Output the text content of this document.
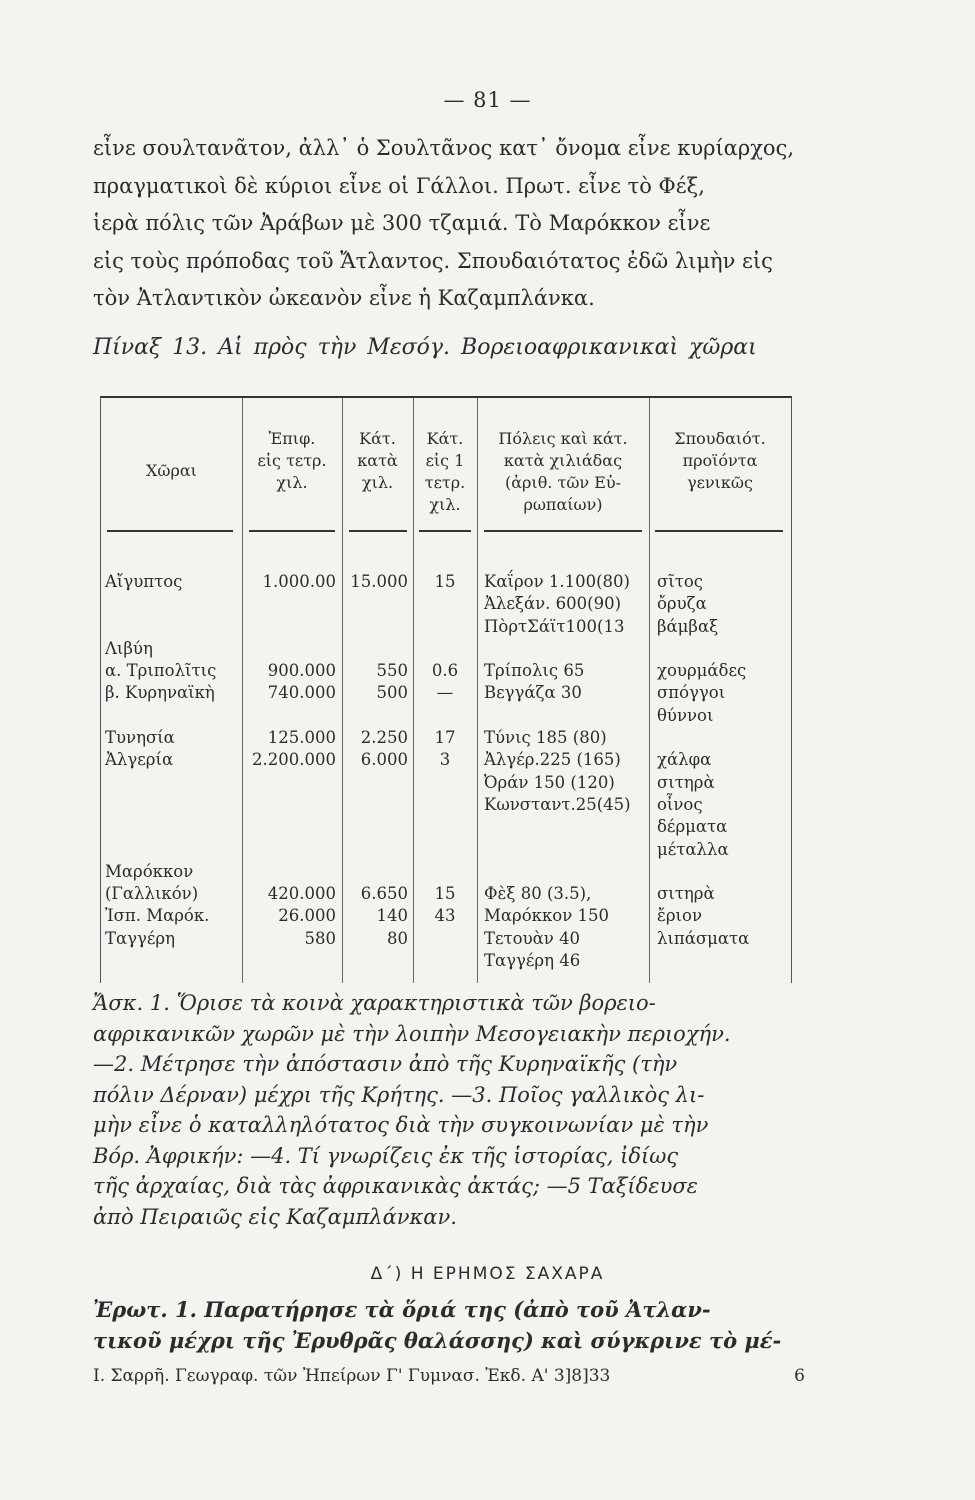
— 81 —
εἶνε σουλτανᾶτον, ἀλλ᾽ ὁ Σουλτᾶνος κατ᾽ ὄνομα εἶνε κυρίαρχος,
πραγματικοὶ δὲ κύριοι εἶνε οἱ Γάλλοι. Πρωτ. εἶνε τὸ Φέξ,
ἱερὰ πόλις τῶν Ἀράβων μὲ 300 τζαμιά. Τὸ Μαρόκκον εἶνε
εἰς τοὺς πρόποδας τοῦ Ἄτλαντος. Σπουδαιότατος ἐδῶ λιμὴν εἰς
τὸν Ἀτλαντικὸν ὠκεανὸν εἶνε ἡ Καζαμπλάνκα.
Πίναξ 13. Αἱ πρὸς τὴν Μεσόγ. Βορειοαφρικανικαὶ χῶραι
Χῶραι
Ἐπιφ.
εἰς τετρ.
χιλ.
Κάτ.
κατὰ
χιλ.
Κάτ.
εἰς 1
τετρ.
χιλ.
Πόλεις καὶ κάτ.
κατὰ χιλιάδας
(ἀριθ. τῶν Εὐ-
ρωπαίων)
Σπουδαιότ.
προϊόντα
γενικῶς
Αἴγυπτος

Λιβύη
α. Τριπολῖτις
β. Κυρηναϊκὴ

Τυνησία
Ἀλγερία

Μαρόκκον
(Γαλλικόν)
Ἰσπ. Μαρόκ.
Ταγγέρη
1.000.00

900.000
740.000

125.000
2.200.000

420.000
26.000
580
15.000

550
500

2.250
6.000

6.650
140
80
15

0.6
—

17
3

15
43
Καΐρον 1.100(80)
Ἀλεξάν. 600(90)
ΠὸρτΣάϊτ100(13

Τρίπολις 65
Βεγγάζα 30

Τύνις 185 (80)
Ἀλγέρ.225 (165)
Ὀράν 150 (120)
Κωνσταντ.25(45)

Φὲξ 80 (3.5),
Μαρόκκον 150
Τετουὰν 40
Ταγγέρη 46
σῖτος
ὄρυζα
βάμβαξ

χουρμάδες
σπόγγοι
θύννοι

χάλφα
σιτηρὰ
oἶνος
δέρματα
μέταλλα

σιτηρὰ
ἔριον
λιπάσματα
Ἄσκ. 1. Ὅρισε τὰ κοινὰ χαρακτηριστικὰ τῶν βορειο-
αφρικανικῶν χωρῶν μὲ τὴν λοιπὴν Μεσογειακὴν περιοχήν.
—2. Μέτρησε τὴν ἀπόστασιν ἀπὸ τῆς Κυρηναϊκῆς (τὴν
πόλιν Δέρναν) μέχρι τῆς Κρήτης. —3. Ποῖος γαλλικὸς λι-
μὴν εἶνε ὁ καταλληλότατος διὰ τὴν συγκοινωνίαν μὲ τὴν
Βόρ. Ἀφρικήν: —4. Τί γνωρίζεις ἐκ τῆς ἱστορίας, ἰδίως
τῆς ἀρχαίας, διὰ τὰς ἀφρικανικὰς ἀκτάς; —5 Ταξίδευσε
ἀπὸ Πειραιῶς εἰς Καζαμπλάνκαν.
Δ΄) Η ΕΡΗΜΟΣ ΣΑΧΑΡΑ
Ἐρωτ. 1. Παρατήρησε τὰ ὅριά της (ἀπὸ τοῦ Ἀτλαν-
τικοῦ μέχρι τῆς Ἐρυθρᾶς θαλάσσης) καὶ σύγκρινε τὸ μέ-
Ι. Σαρρῆ. Γεωγραφ. τῶν Ἠπείρων Γ' Γυμνασ. Ἐκδ. Α' 3]8]33	6
